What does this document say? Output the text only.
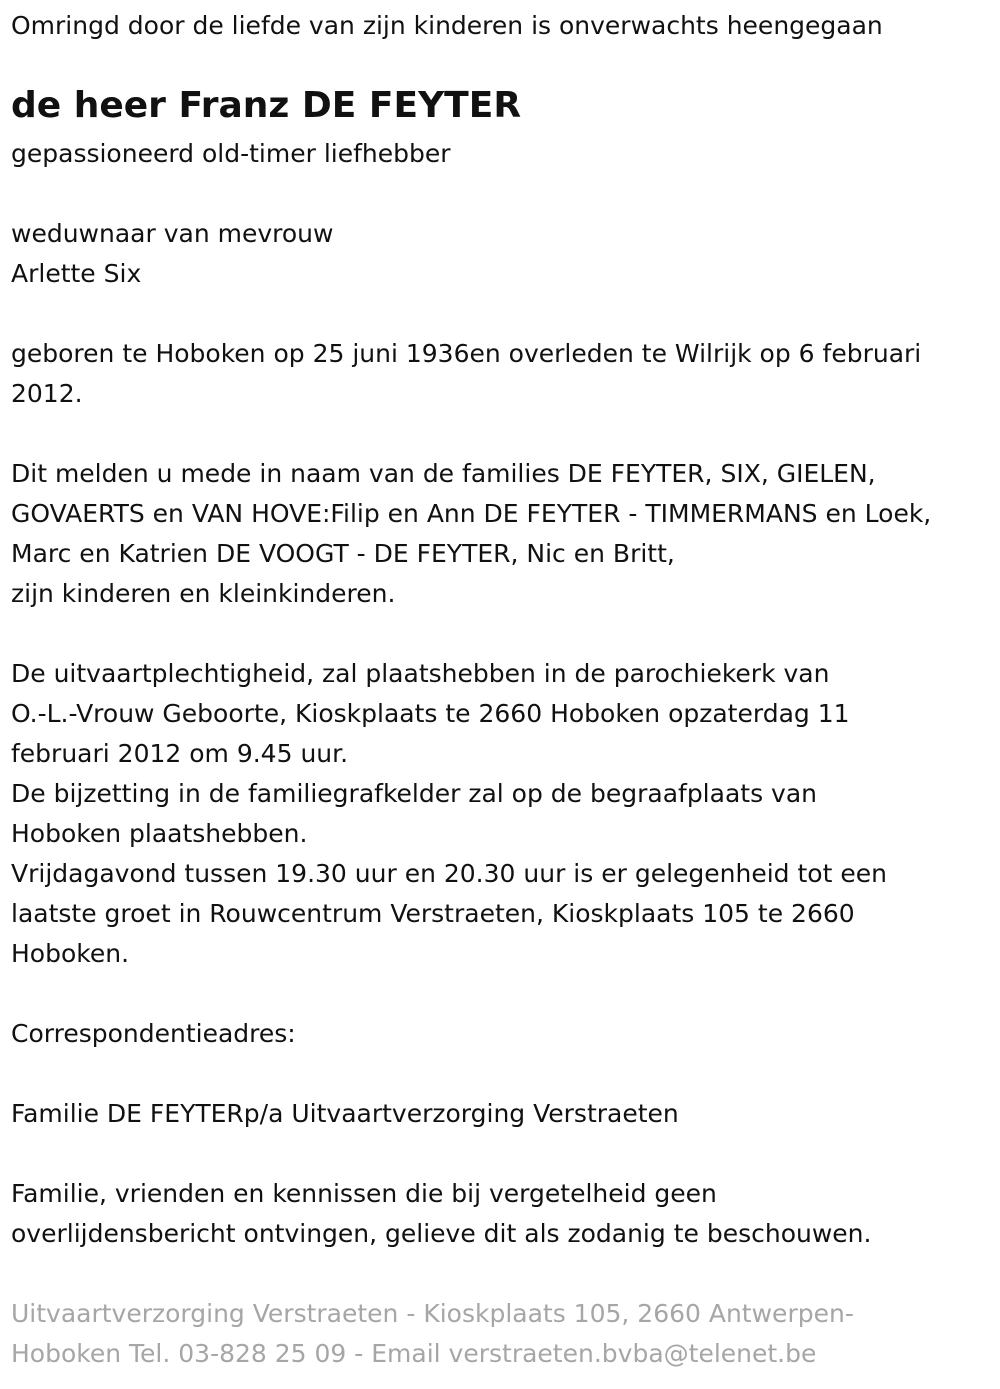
Omringd door de liefde van zijn kinderen is onverwachts heengegaan
de heer Franz DE FEYTER
gepassioneerd old-timer liefhebber
weduwnaar van mevrouw
Arlette Six
geboren te Hoboken op 25 juni 1936en overleden te Wilrijk op 6 februari
2012.
Dit melden u mede in naam van de families DE FEYTER, SIX, GIELEN,
GOVAERTS en VAN HOVE:Filip en Ann DE FEYTER - TIMMERMANS en Loek,
Marc en Katrien DE VOOGT - DE FEYTER, Nic en Britt,
zijn kinderen en kleinkinderen.
De uitvaartplechtigheid, zal plaatshebben in de parochiekerk van
O.-L.-Vrouw Geboorte, Kioskplaats te 2660 Hoboken opzaterdag 11
februari 2012 om 9.45 uur.
De bijzetting in de familiegrafkelder zal op de begraafplaats van
Hoboken plaatshebben.
Vrijdagavond tussen 19.30 uur en 20.30 uur is er gelegenheid tot een
laatste groet in Rouwcentrum Verstraeten, Kioskplaats 105 te 2660
Hoboken.
Correspondentieadres:
Familie DE FEYTERp/a Uitvaartverzorging Verstraeten
Familie, vrienden en kennissen die bij vergetelheid geen
overlijdensbericht ontvingen, gelieve dit als zodanig te beschouwen.
Uitvaartverzorging Verstraeten - Kioskplaats 105, 2660 Antwerpen-
Hoboken Tel. 03-828 25 09 - Email verstraeten.bvba@telenet.be
